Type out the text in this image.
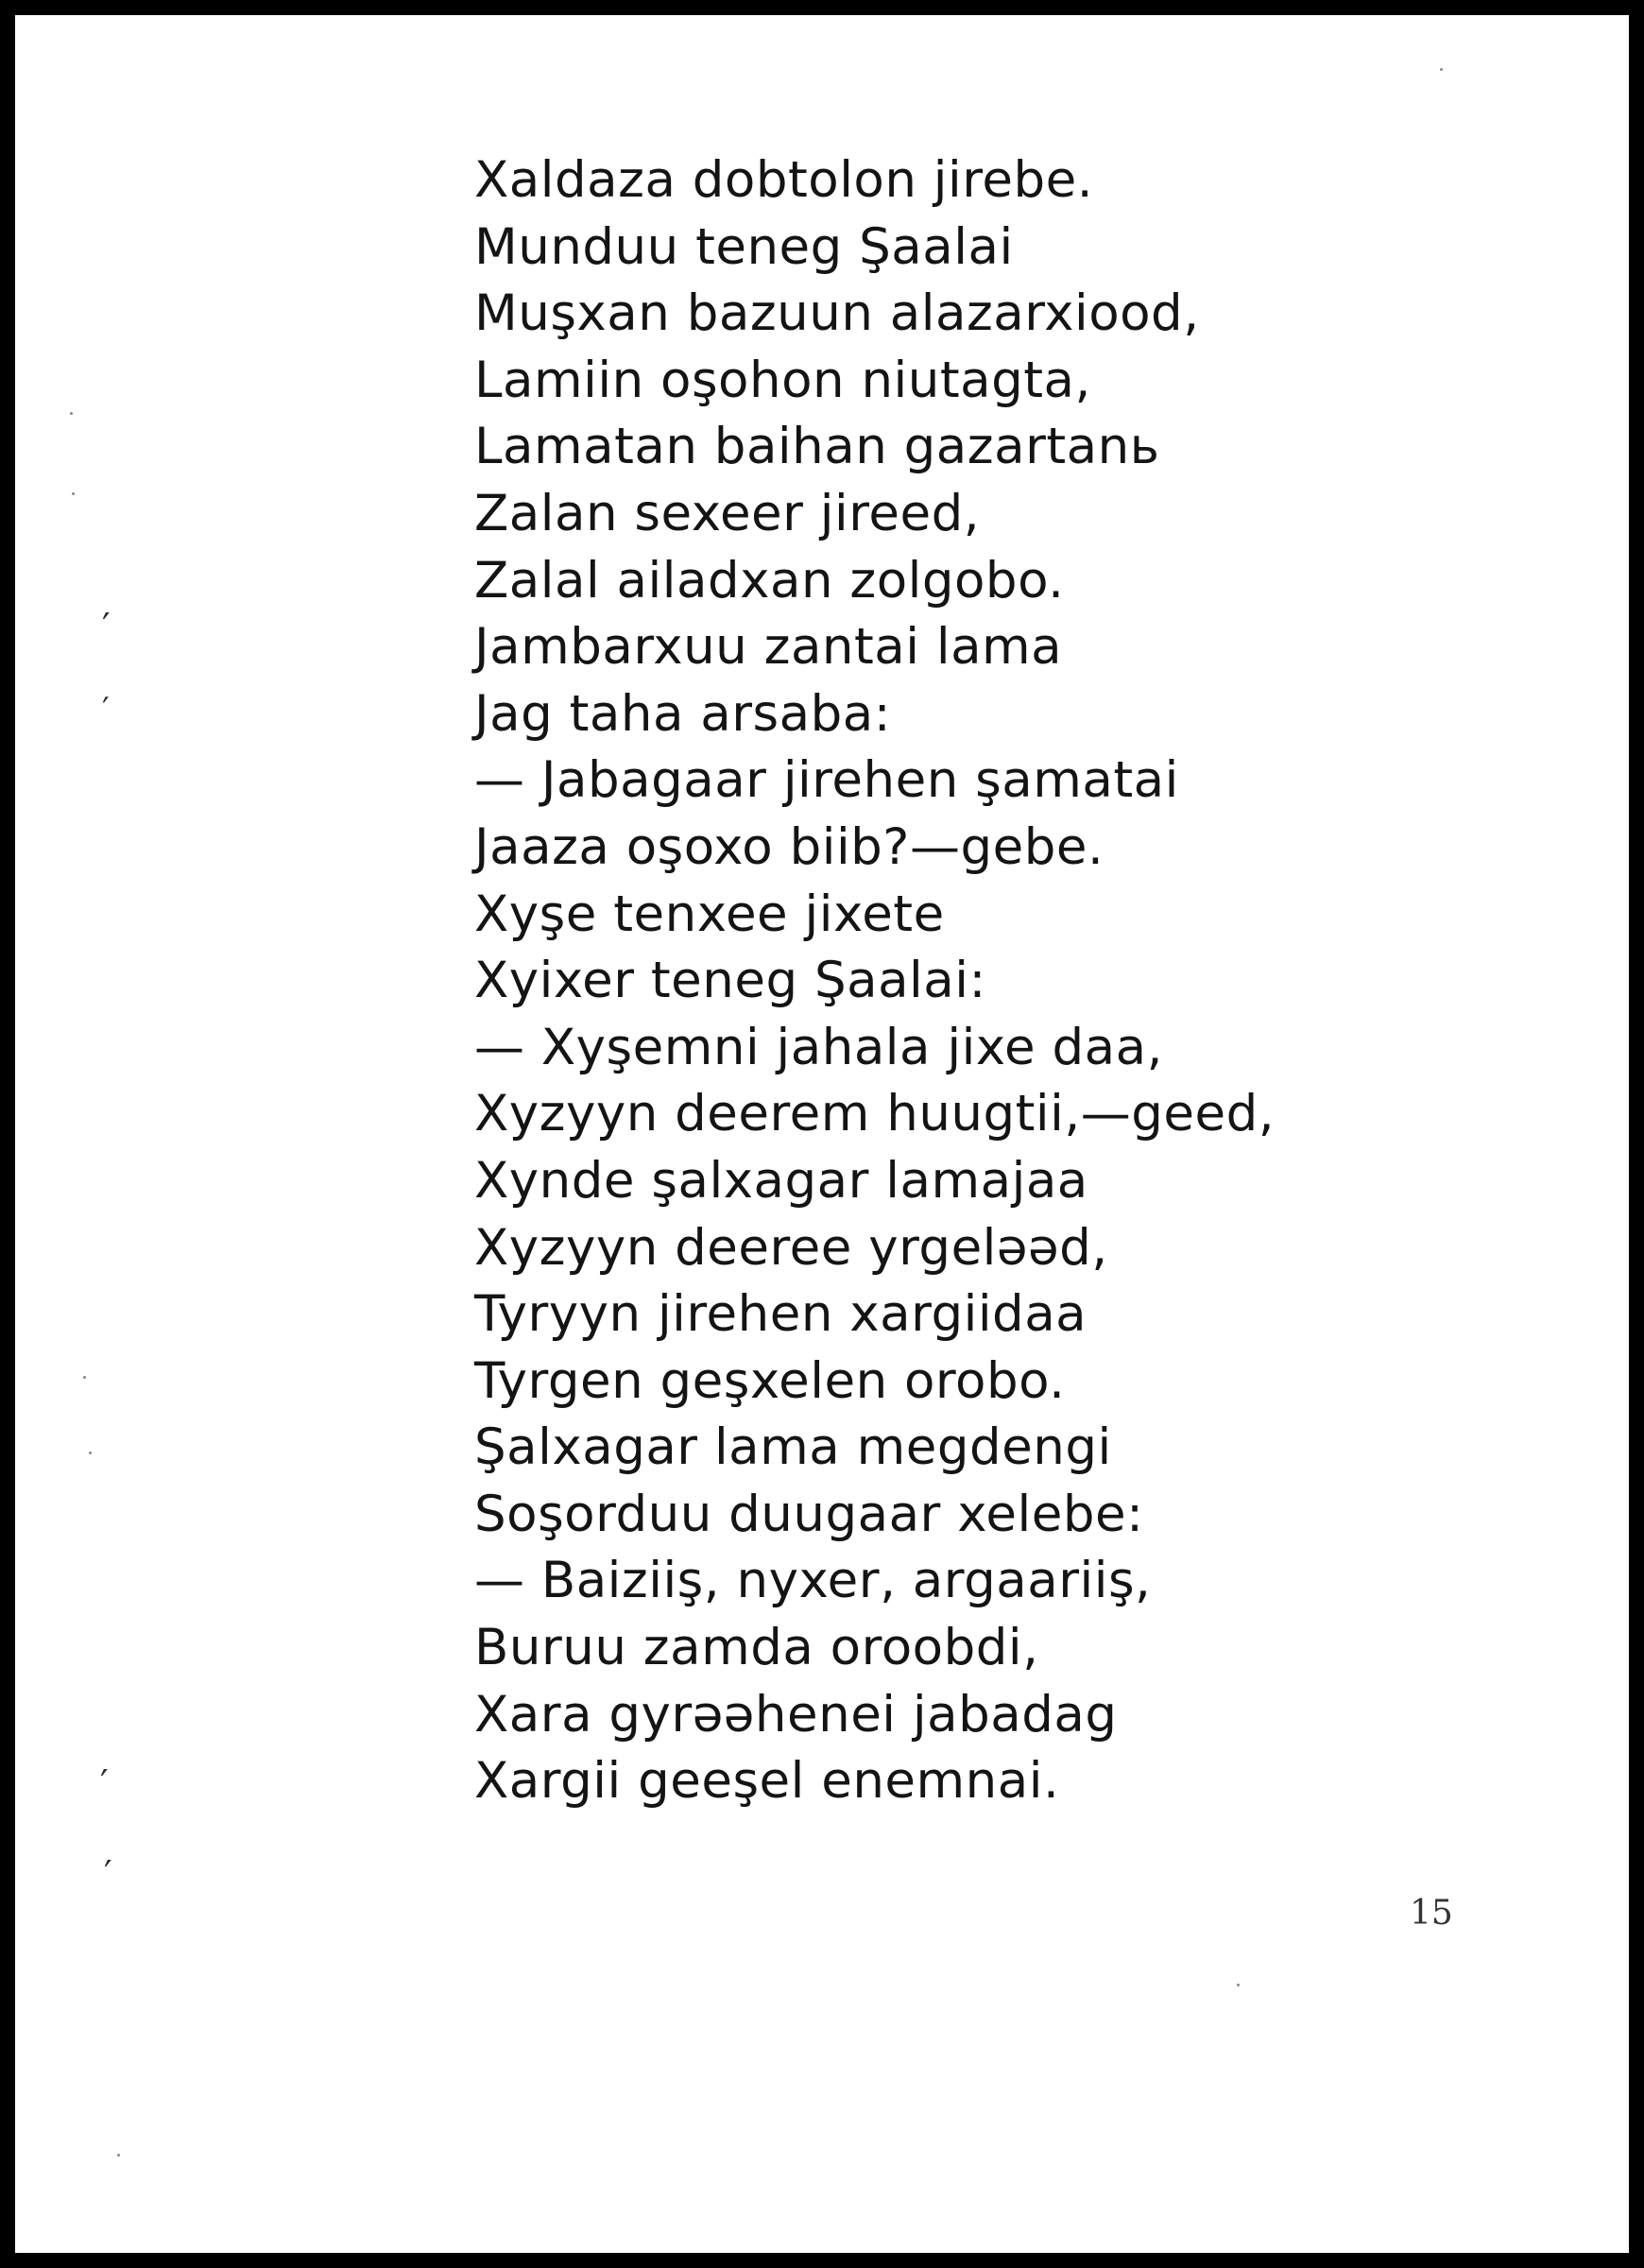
Xaldaza dobtolon jirebe.
Munduu teneg Şaalai
Muşxan bazuun alazarxiood,
Lamiin oşohon niutagta,
Lamatan baihan gazartanь
Zalan sexeer jireed,
Zalal ailadxan zolgobo.
Jambarxuu zantai lama
Jag taha arsaba:
— Jabagaar jirehen şamatai
Jaaza oşoxo biib?—gebe.
Xyşe tenxee jixete
Xyixer teneg Şaalai:
— Xyşemni jahala jixe daa,
Xyzyyn deerem huugtii,—geed,
Xynde şalxagar lamajaa
Xyzyyn deeree yrgeləəd,
Tyryyn jirehen xargiidaa
Tyrgen geşxelen orobo.
Şalxagar lama megdengi
Soşorduu duugaar xelebe:
— Baiziiş, nyxer, argaariiş,
Buruu zamda oroobdi,
Xara gyrəəhenei jabadag
Xargii geeşel enemnai.
15
′
′
′
′
